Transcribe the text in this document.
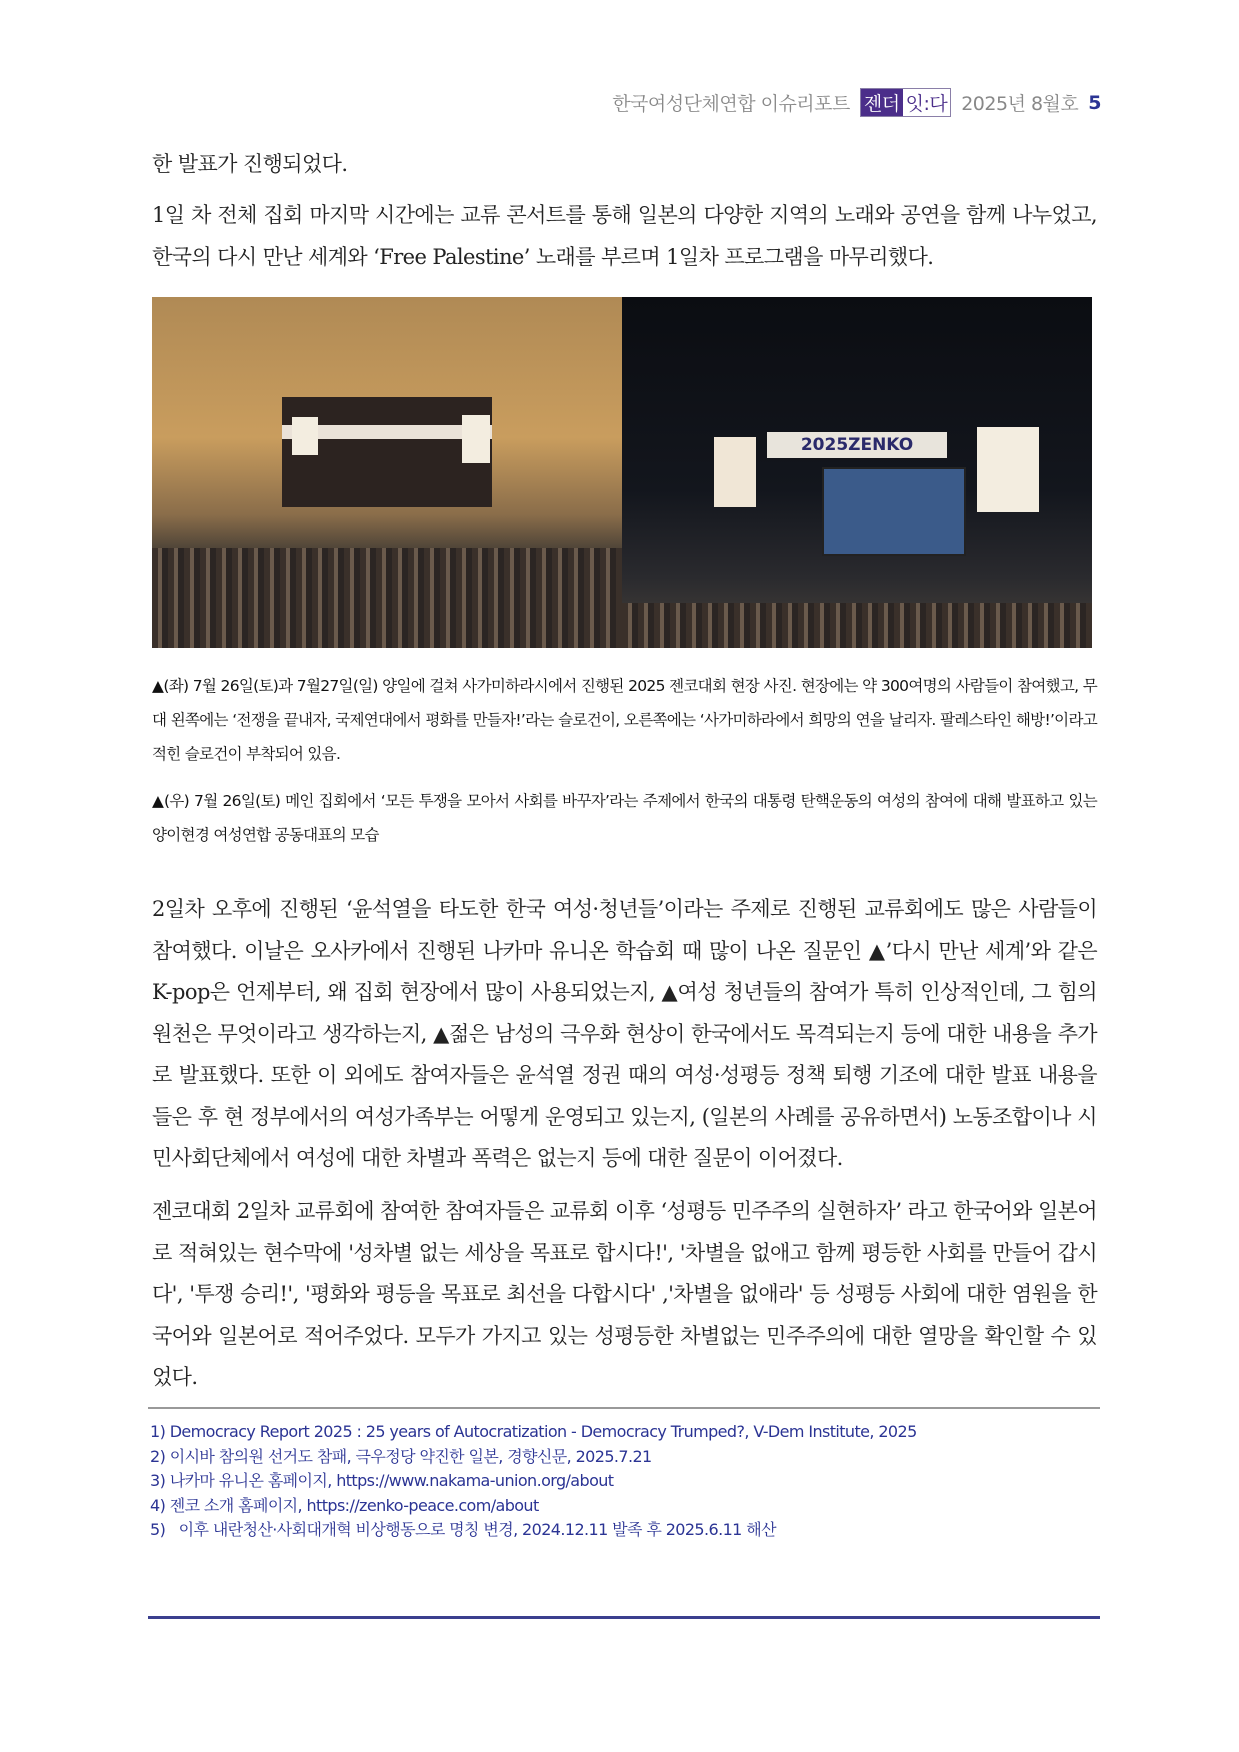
한국여성단체연합 이슈리포트 젠더 잇:다 2025년 8월호 5

한 발표가 진행되었다.

1일 차 전체 집회 마지막 시간에는 교류 콘서트를 통해 일본의 다양한 지역의 노래와 공연을 함께 나누었고, 한국의 다시 만난 세계와 ‘Free Palestine’ 노래를 부르며 1일차 프로그램을 마무리했다.

2025ZENKO

▲(좌) 7월 26일(토)과 7월27일(일) 양일에 걸쳐 사가미하라시에서 진행된 2025 젠코대회 현장 사진. 현장에는 약 300여명의 사람들이 참여했고, 무대 왼쪽에는 ‘전쟁을 끝내자, 국제연대에서 평화를 만들자!’라는 슬로건이, 오른쪽에는 ‘사가미하라에서 희망의 연을 날리자. 팔레스타인 해방!’이라고 적힌 슬로건이 부착되어 있음.

▲(우) 7월 26일(토) 메인 집회에서 ‘모든 투쟁을 모아서 사회를 바꾸자’라는 주제에서 한국의 대통령 탄핵운동의 여성의 참여에 대해 발표하고 있는 양이현경 여성연합 공동대표의 모습

2일차 오후에 진행된 ‘윤석열을 타도한 한국 여성·청년들’이라는 주제로 진행된 교류회에도 많은 사람들이 참여했다. 이날은 오사카에서 진행된 나카마 유니온 학습회 때 많이 나온 질문인 ▲’다시 만난 세계’와 같은 K-pop은 언제부터, 왜 집회 현장에서 많이 사용되었는지, ▲여성 청년들의 참여가 특히 인상적인데, 그 힘의 원천은 무엇이라고 생각하는지, ▲젊은 남성의 극우화 현상이 한국에서도 목격되는지 등에 대한 내용을 추가로 발표했다. 또한 이 외에도 참여자들은 윤석열 정권 때의 여성·성평등 정책 퇴행 기조에 대한 발표 내용을 들은 후 현 정부에서의 여성가족부는 어떻게 운영되고 있는지, (일본의 사례를 공유하면서) 노동조합이나 시민사회단체에서 여성에 대한 차별과 폭력은 없는지 등에 대한 질문이 이어졌다.

젠코대회 2일차 교류회에 참여한 참여자들은 교류회 이후 ‘성평등 민주주의 실현하자’ 라고 한국어와 일본어로 적혀있는 현수막에 '성차별 없는 세상을 목표로 합시다!', '차별을 없애고 함께 평등한 사회를 만들어 갑시다', '투쟁 승리!', '평화와 평등을 목표로 최선을 다합시다' ,'차별을 없애라' 등 성평등 사회에 대한 염원을 한국어와 일본어로 적어주었다. 모두가 가지고 있는 성평등한 차별없는 민주주의에 대한 열망을 확인할 수 있었다.

1) Democracy Report 2025 : 25 years of Autocratization - Democracy Trumped?, V-Dem Institute, 2025
2) 이시바 참의원 선거도 참패, 극우정당 약진한 일본, 경향신문, 2025.7.21
3) 나카마 유니온 홈페이지, https://www.nakama-union.org/about
4) 젠코 소개 홈페이지, https://zenko-peace.com/about
5)   이후 내란청산·사회대개혁 비상행동으로 명칭 변경, 2024.12.11 발족 후 2025.6.11 해산
